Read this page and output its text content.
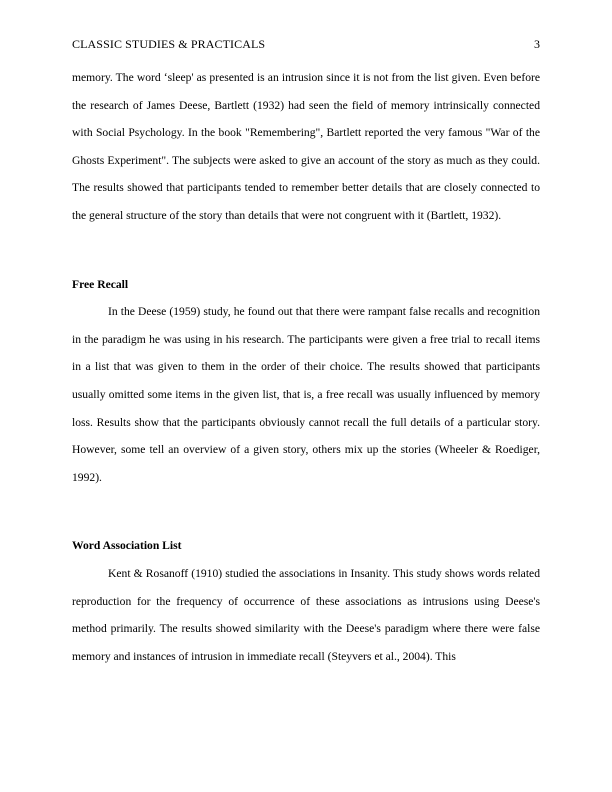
CLASSIC STUDIES & PRACTICALS	3

memory. The word ‘sleep' as presented is an intrusion since it is not from the list given. Even before the research of James Deese, Bartlett (1932) had seen the field of memory intrinsically connected with Social Psychology. In the book "Remembering", Bartlett reported the very famous "War of the Ghosts Experiment". The subjects were asked to give an account of the story as much as they could. The results showed that participants tended to remember better details that are closely connected to the general structure of the story than details that were not congruent with it (Bartlett, 1932).

Free Recall

In the Deese (1959) study, he found out that there were rampant false recalls and recognition in the paradigm he was using in his research. The participants were given a free trial to recall items in a list that was given to them in the order of their choice. The results showed that participants usually omitted some items in the given list, that is, a free recall was usually influenced by memory loss. Results show that the participants obviously cannot recall the full details of a particular story. However, some tell an overview of a given story, others mix up the stories (Wheeler & Roediger, 1992).

Word Association List

Kent & Rosanoff (1910) studied the associations in Insanity. This study shows words related reproduction for the frequency of occurrence of these associations as intrusions using Deese's method primarily. The results showed similarity with the Deese's paradigm where there were false memory and instances of intrusion in immediate recall (Steyvers et al., 2004). This
